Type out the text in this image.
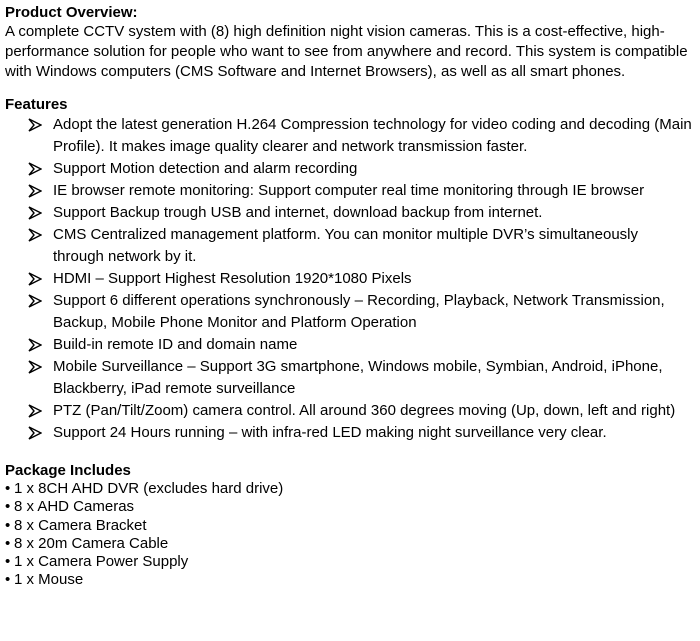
Product Overview:

A complete CCTV system with (8) high definition night vision cameras. This is a cost-effective, high-performance solution for people who want to see from anywhere and record. This system is compatible with Windows computers (CMS Software and Internet Browsers), as well as all smart phones.

Features
Adopt the latest generation H.264 Compression technology for video coding and decoding (Main Profile). It makes image quality clearer and network transmission faster.
Support Motion detection and alarm recording
IE browser remote monitoring: Support computer real time monitoring through IE browser
Support Backup trough USB and internet, download backup from internet.
CMS Centralized management platform. You can monitor multiple DVR’s simultaneously through network by it.
HDMI – Support Highest Resolution 1920*1080 Pixels
Support 6 different operations synchronously – Recording, Playback, Network Transmission, Backup, Mobile Phone Monitor and Platform Operation
Build-in remote ID and domain name
Mobile Surveillance – Support 3G smartphone, Windows mobile, Symbian, Android, iPhone, Blackberry, iPad remote surveillance
PTZ (Pan/Tilt/Zoom) camera control. All around 360 degrees moving (Up, down, left and right)
Support 24 Hours running – with infra-red LED making night surveillance very clear.
Package Includes
• 1 x 8CH AHD DVR (excludes hard drive)
• 8 x AHD Cameras
• 8 x Camera Bracket
• 8 x 20m Camera Cable
• 1 x Camera Power Supply
• 1 x Mouse
